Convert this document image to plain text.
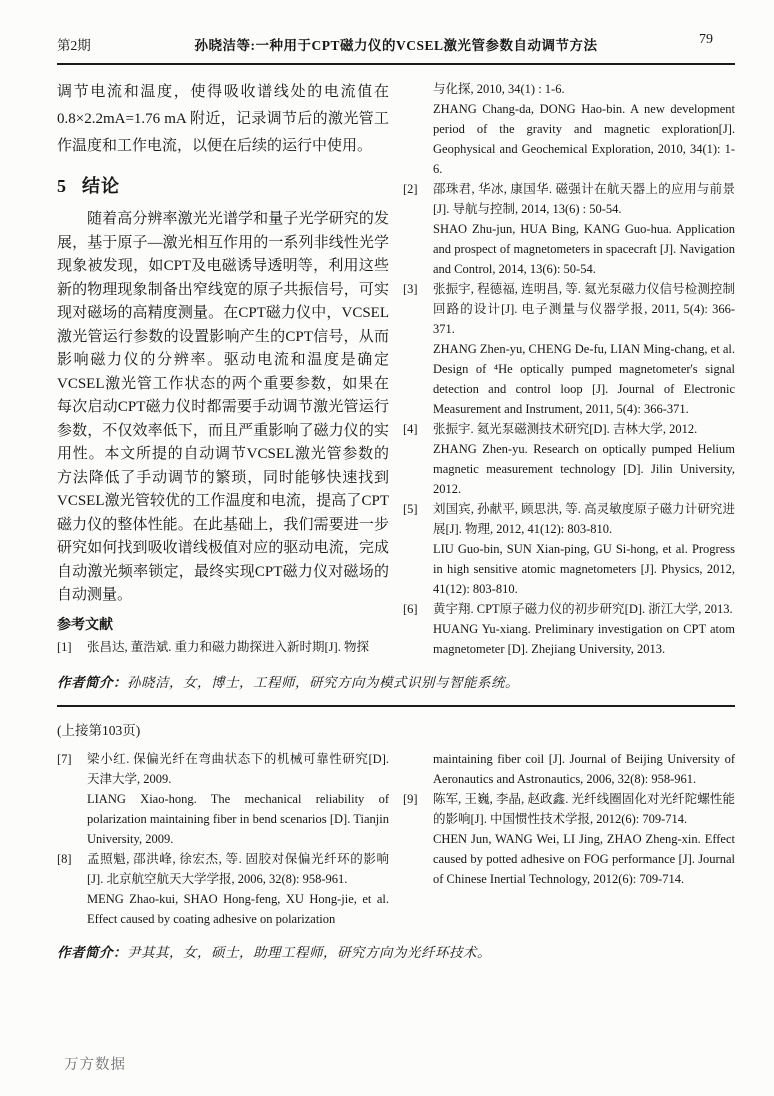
第2期	孙晓洁等:一种用于CPT磁力仪的VCSEL激光管参数自动调节方法	79

调节电流和温度，使得吸收谱线处的电流值在0.8×2.2mA=1.76 mA 附近，记录调节后的激光管工作温度和工作电流，以便在后续的运行中使用。

5 结论

随着高分辨率激光光谱学和量子光学研究的发展，基于原子—激光相互作用的一系列非线性光学现象被发现，如CPT及电磁诱导透明等，利用这些新的物理现象制备出窄线宽的原子共振信号，可实现对磁场的高精度测量。在CPT磁力仪中，VCSEL激光管运行参数的设置影响产生的CPT信号，从而影响磁力仪的分辨率。驱动电流和温度是确定VCSEL激光管工作状态的两个重要参数，如果在每次启动CPT磁力仪时都需要手动调节激光管运行参数，不仅效率低下，而且严重影响了磁力仪的实用性。本文所提的自动调节VCSEL激光管参数的方法降低了手动调节的繁琐，同时能够快速找到VCSEL激光管较优的工作温度和电流，提高了CPT磁力仪的整体性能。在此基础上，我们需要进一步研究如何找到吸收谱线极值对应的驱动电流，完成自动激光频率锁定，最终实现CPT磁力仪对磁场的自动测量。

参考文献
[1]	张昌达, 董浩斌. 重力和磁力勘探进入新时期[J]. 物探
与化探, 2010, 34(1) : 1-6.
ZHANG Chang-da, DONG Hao-bin. A new development period of the gravity and magnetic exploration[J]. Geophysical and Geochemical Exploration, 2010, 34(1): 1-6.
[2]	邵珠君, 华冰, 康国华. 磁强计在航天器上的应用与前景[J]. 导航与控制, 2014, 13(6) : 50-54.
SHAO Zhu-jun, HUA Bing, KANG Guo-hua. Application and prospect of magnetometers in spacecraft [J]. Navigation and Control, 2014, 13(6): 50-54.
[3]	张振宇, 程德福, 连明昌, 等. 氦光泵磁力仪信号检测控制回路的设计[J]. 电子测量与仪器学报, 2011, 5(4): 366-371.
ZHANG Zhen-yu, CHENG De-fu, LIAN Ming-chang, et al. Design of ⁴He optically pumped magnetometer's signal detection and control loop [J]. Journal of Electronic Measurement and Instrument, 2011, 5(4): 366-371.
[4]	张振宇. 氦光泵磁测技术研究[D]. 吉林大学, 2012.
ZHANG Zhen-yu. Research on optically pumped Helium magnetic measurement technology [D]. Jilin University, 2012.
[5]	刘国宾, 孙献平, 顾思洪, 等. 高灵敏度原子磁力计研究进展[J]. 物理, 2012, 41(12): 803-810.
LIU Guo-bin, SUN Xian-ping, GU Si-hong, et al. Progress in high sensitive atomic magnetometers [J]. Physics, 2012, 41(12): 803-810.
[6]	黄宇翔. CPT原子磁力仪的初步研究[D]. 浙江大学, 2013.
HUANG Yu-xiang. Preliminary investigation on CPT atom magnetometer [D]. Zhejiang University, 2013.
作者简介：孙晓洁，女，博士，工程师，研究方向为模式识别与智能系统。
(上接第103页)
[7]	梁小红. 保偏光纤在弯曲状态下的机械可靠性研究[D]. 天津大学, 2009.
LIANG Xiao-hong. The mechanical reliability of polarization maintaining fiber in bend scenarios [D]. Tianjin University, 2009.
[8]	孟照魁, 邵洪峰, 徐宏杰, 等. 固胶对保偏光纤环的影响[J]. 北京航空航天大学学报, 2006, 32(8): 958-961.
MENG Zhao-kui, SHAO Hong-feng, XU Hong-jie, et al. Effect caused by coating adhesive on polarization
maintaining fiber coil [J]. Journal of Beijing University of Aeronautics and Astronautics, 2006, 32(8): 958-961.
[9]	陈军, 王巍, 李晶, 赵政鑫. 光纤线圈固化对光纤陀螺性能的影响[J]. 中国惯性技术学报, 2012(6): 709-714.
CHEN Jun, WANG Wei, LI Jing, ZHAO Zheng-xin. Effect caused by potted adhesive on FOG performance [J]. Journal of Chinese Inertial Technology, 2012(6): 709-714.
作者简介：尹其其，女，硕士，助理工程师，研究方向为光纤环技术。
万方数据
